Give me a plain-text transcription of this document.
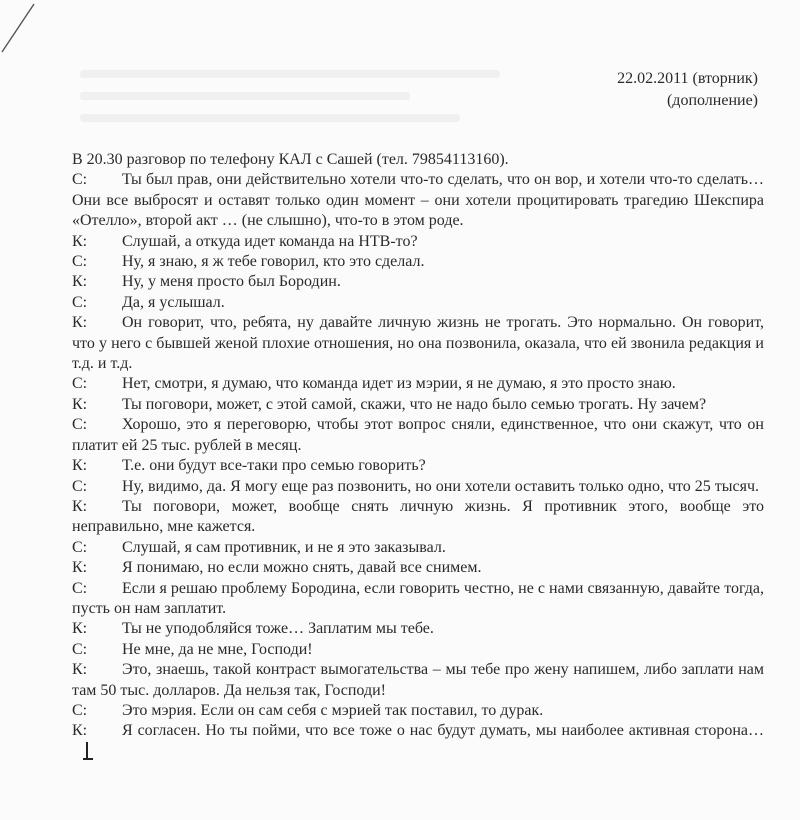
22.02.2011 (вторник)
(дополнение)

В 20.30 разговор по телефону КАЛ с Сашей (тел. 79854113160).

С: Ты был прав, они действительно хотели что-то сделать, что он вор, и хотели что-то сделать… Они все выбросят и оставят только один момент – они хотели процитировать трагедию Шекспира «Отелло», второй акт … (не слышно), что-то в этом роде.

К: Слушай, а откуда идет команда на НТВ-то?

С: Ну, я знаю, я ж тебе говорил, кто это сделал.

К: Ну, у меня просто был Бородин.

С: Да, я услышал.

К: Он говорит, что, ребята, ну давайте личную жизнь не трогать. Это нормально. Он говорит, что у него с бывшей женой плохие отношения, но она позвонила, оказала, что ей звонила редакция и т.д. и т.д.

С: Нет, смотри, я думаю, что команда идет из мэрии, я не думаю, я это просто знаю.

К: Ты поговори, может, с этой самой, скажи, что не надо было семью трогать. Ну зачем?

С: Хорошо, это я переговорю, чтобы этот вопрос сняли, единственное, что они скажут, что он платит ей 25 тыс. рублей в месяц.

К: Т.е. они будут все-таки про семью говорить?

С: Ну, видимо, да. Я могу еще раз позвонить, но они хотели оставить только одно, что 25 тысяч.

К: Ты поговори, может, вообще снять личную жизнь. Я противник этого, вообще это неправильно, мне кажется.

С: Слушай, я сам противник, и не я это заказывал.

К: Я понимаю, но если можно снять, давай все снимем.

С: Если я решаю проблему Бородина, если говорить честно, не с нами связанную, давайте тогда, пусть он нам заплатит.

К: Ты не уподобляйся тоже… Заплатим мы тебе.

С: Не мне, да не мне, Господи!

К: Это, знаешь, такой контраст вымогательства – мы тебе про жену напишем, либо заплати нам там 50 тыс. долларов. Да нельзя так, Господи!

С: Это мэрия. Если он сам себя с мэрией так поставил, то дурак.

К: Я согласен. Но ты пойми, что все тоже о нас будут думать, мы наиболее активная сторона…
